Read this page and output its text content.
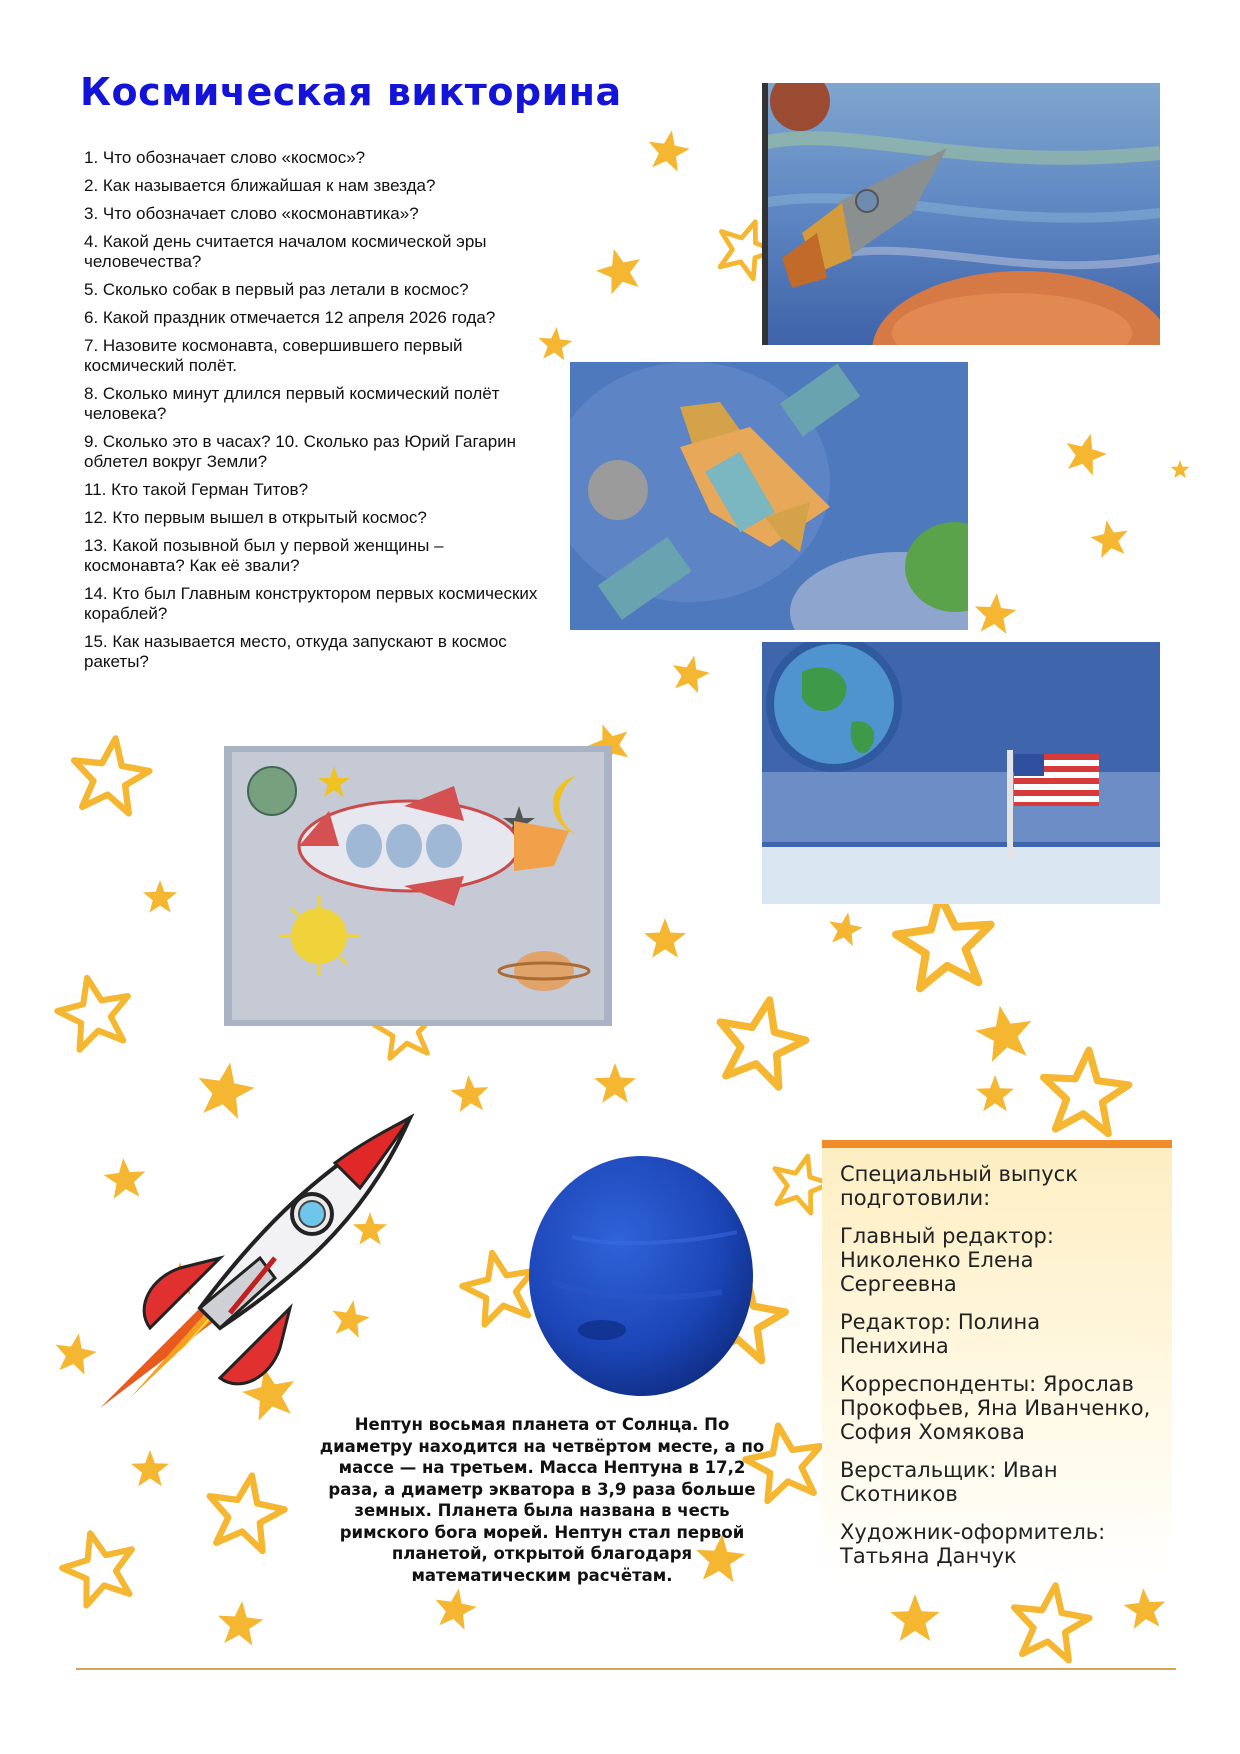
Космическая викторина
1. Что обозначает слово «космос»?
2. Как называется ближайшая к нам звезда?
3. Что обозначает слово «космонавтика»?
4. Какой день считается началом космической эры человечества?
5. Сколько собак в первый раз летали в космос?
6. Какой праздник отмечается 12 апреля 2026 года?
7. Назовите космонавта, совершившего первый космический полёт.
8. Сколько минут длился первый космический полёт человека?
9. Сколько это в часах? 10. Сколько раз Юрий Гагарин облетел вокруг Земли?
11. Кто такой Герман Титов?
12. Кто первым вышел в открытый космос?
13. Какой позывной был у первой женщины – космонавта? Как её звали?
14. Кто был Главным конструктором первых космических кораблей?
15. Как называется место, откуда запускают в космос ракеты?
Нептун восьмая планета от Солнца. По диаметру находится на четвёртом месте, а по массе — на третьем. Масса Нептуна в 17,2 раза, а диаметр экватора в 3,9 раза больше земных. Планета была названа в честь римского бога морей. Нептун стал первой планетой, открытой благодаря математическим расчётам.

Специальный выпуск подготовили:

Главный редактор: Николенко Елена Сергеевна

Редактор: Полина Пенихина

Корреспонденты: Ярослав Прокофьев, Яна Иванченко, София Хомякова

Верстальщик: Иван Скотников

Художник-оформитель: Татьяна Данчук
